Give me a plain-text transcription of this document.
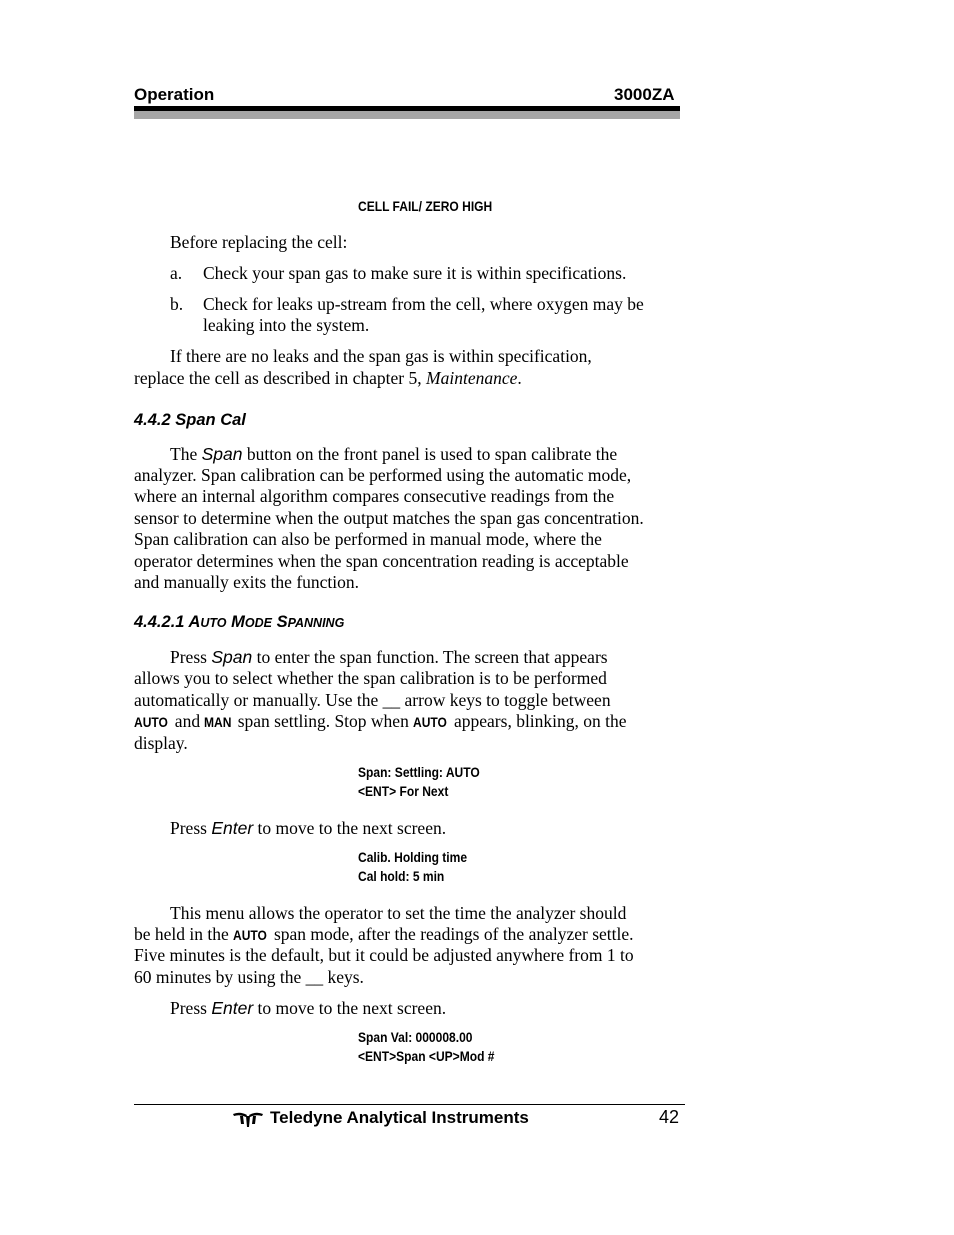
Operation	3000ZA
CELL FAIL/ ZERO HIGH
Before replacing the cell:
a. Check your span gas to make sure it is within specifications.
b. Check for leaks up-stream from the cell, where oxygen may be
leaking into the system.
If there are no leaks and the span gas is within specification,
replace the cell as described in chapter 5, Maintenance.
4.4.2 Span Cal
The Span button on the front panel is used to span calibrate the
analyzer. Span calibration can be performed using the automatic mode,
where an internal algorithm compares consecutive readings from the
sensor to determine when the output matches the span gas concentration.
Span calibration can also be performed in manual mode, where the
operator determines when the span concentration reading is acceptable
and manually exits the function.
4.4.2.1 AUTO MODE SPANNING
Press Span to enter the span function. The screen that appears
allows you to select whether the span calibration is to be performed
automatically or manually. Use the __ arrow keys to toggle between
AUTO and MAN span settling. Stop when AUTO appears, blinking, on the
display.
Span: Settling: AUTO
<ENT> For Next
Press Enter to move to the next screen.
Calib. Holding time
Cal hold: 5 min
This menu allows the operator to set the time the analyzer should
be held in the AUTO span mode, after the readings of the analyzer settle.
Five minutes is the default, but it could be adjusted anywhere from 1 to
60 minutes by using the __ keys.
Press Enter to move to the next screen.
Span Val: 000008.00
<ENT>Span <UP>Mod #
Teledyne Analytical Instruments	42
